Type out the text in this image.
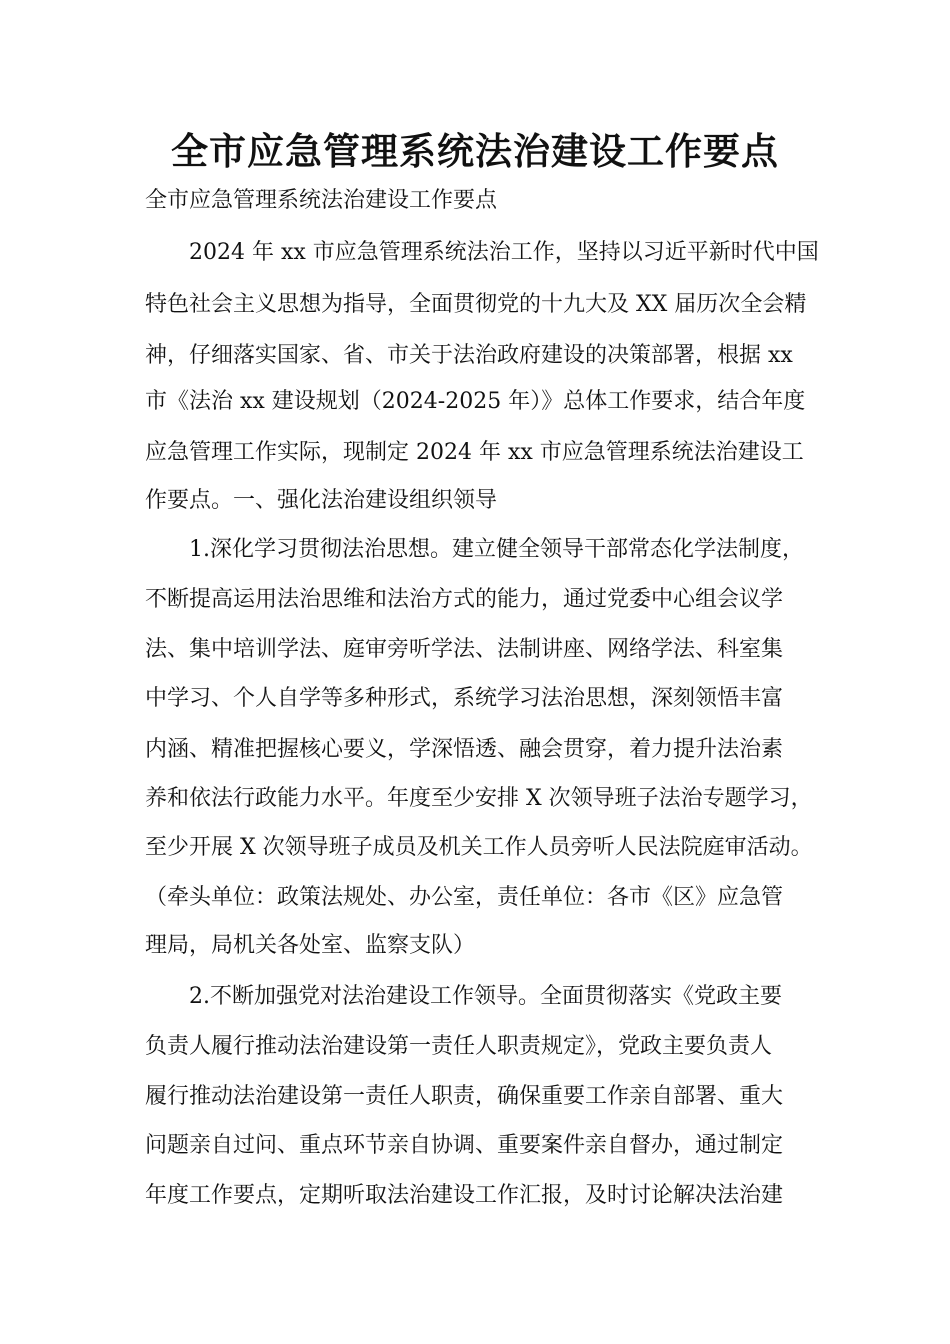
全市应急管理系统法治建设工作要点
全市应急管理系统法治建设工作要点
　　2024 年 xx 市应急管理系统法治工作，坚持以习近平新时代中国
特色社会主义思想为指导，全面贯彻党的十九大及 XX 届历次全会精
神，仔细落实国家、省、市关于法治政府建设的决策部署，根据 xx
市《法治 xx 建设规划（2024-2025 年）》总体工作要求，结合年度
应急管理工作实际，现制定 2024 年 xx 市应急管理系统法治建设工
作要点。一、强化法治建设组织领导
　　1.深化学习贯彻法治思想。建立健全领导干部常态化学法制度，
不断提高运用法治思维和法治方式的能力，通过党委中心组会议学
法、集中培训学法、庭审旁听学法、法制讲座、网络学法、科室集
中学习、个人自学等多种形式，系统学习法治思想，深刻领悟丰富
内涵、精准把握核心要义，学深悟透、融会贯穿，着力提升法治素
养和依法行政能力水平。年度至少安排 X 次领导班子法治专题学习，
至少开展 X 次领导班子成员及机关工作人员旁听人民法院庭审活动。
（牵头单位：政策法规处、办公室，责任单位：各市《区》应急管
理局，局机关各处室、监察支队）
　　2.不断加强党对法治建设工作领导。全面贯彻落实《党政主要
负责人履行推动法治建设第一责任人职责规定》，党政主要负责人
履行推动法治建设第一责任人职责，确保重要工作亲自部署、重大
问题亲自过问、重点环节亲自协调、重要案件亲自督办，通过制定
年度工作要点，定期听取法治建设工作汇报，及时讨论解决法治建
